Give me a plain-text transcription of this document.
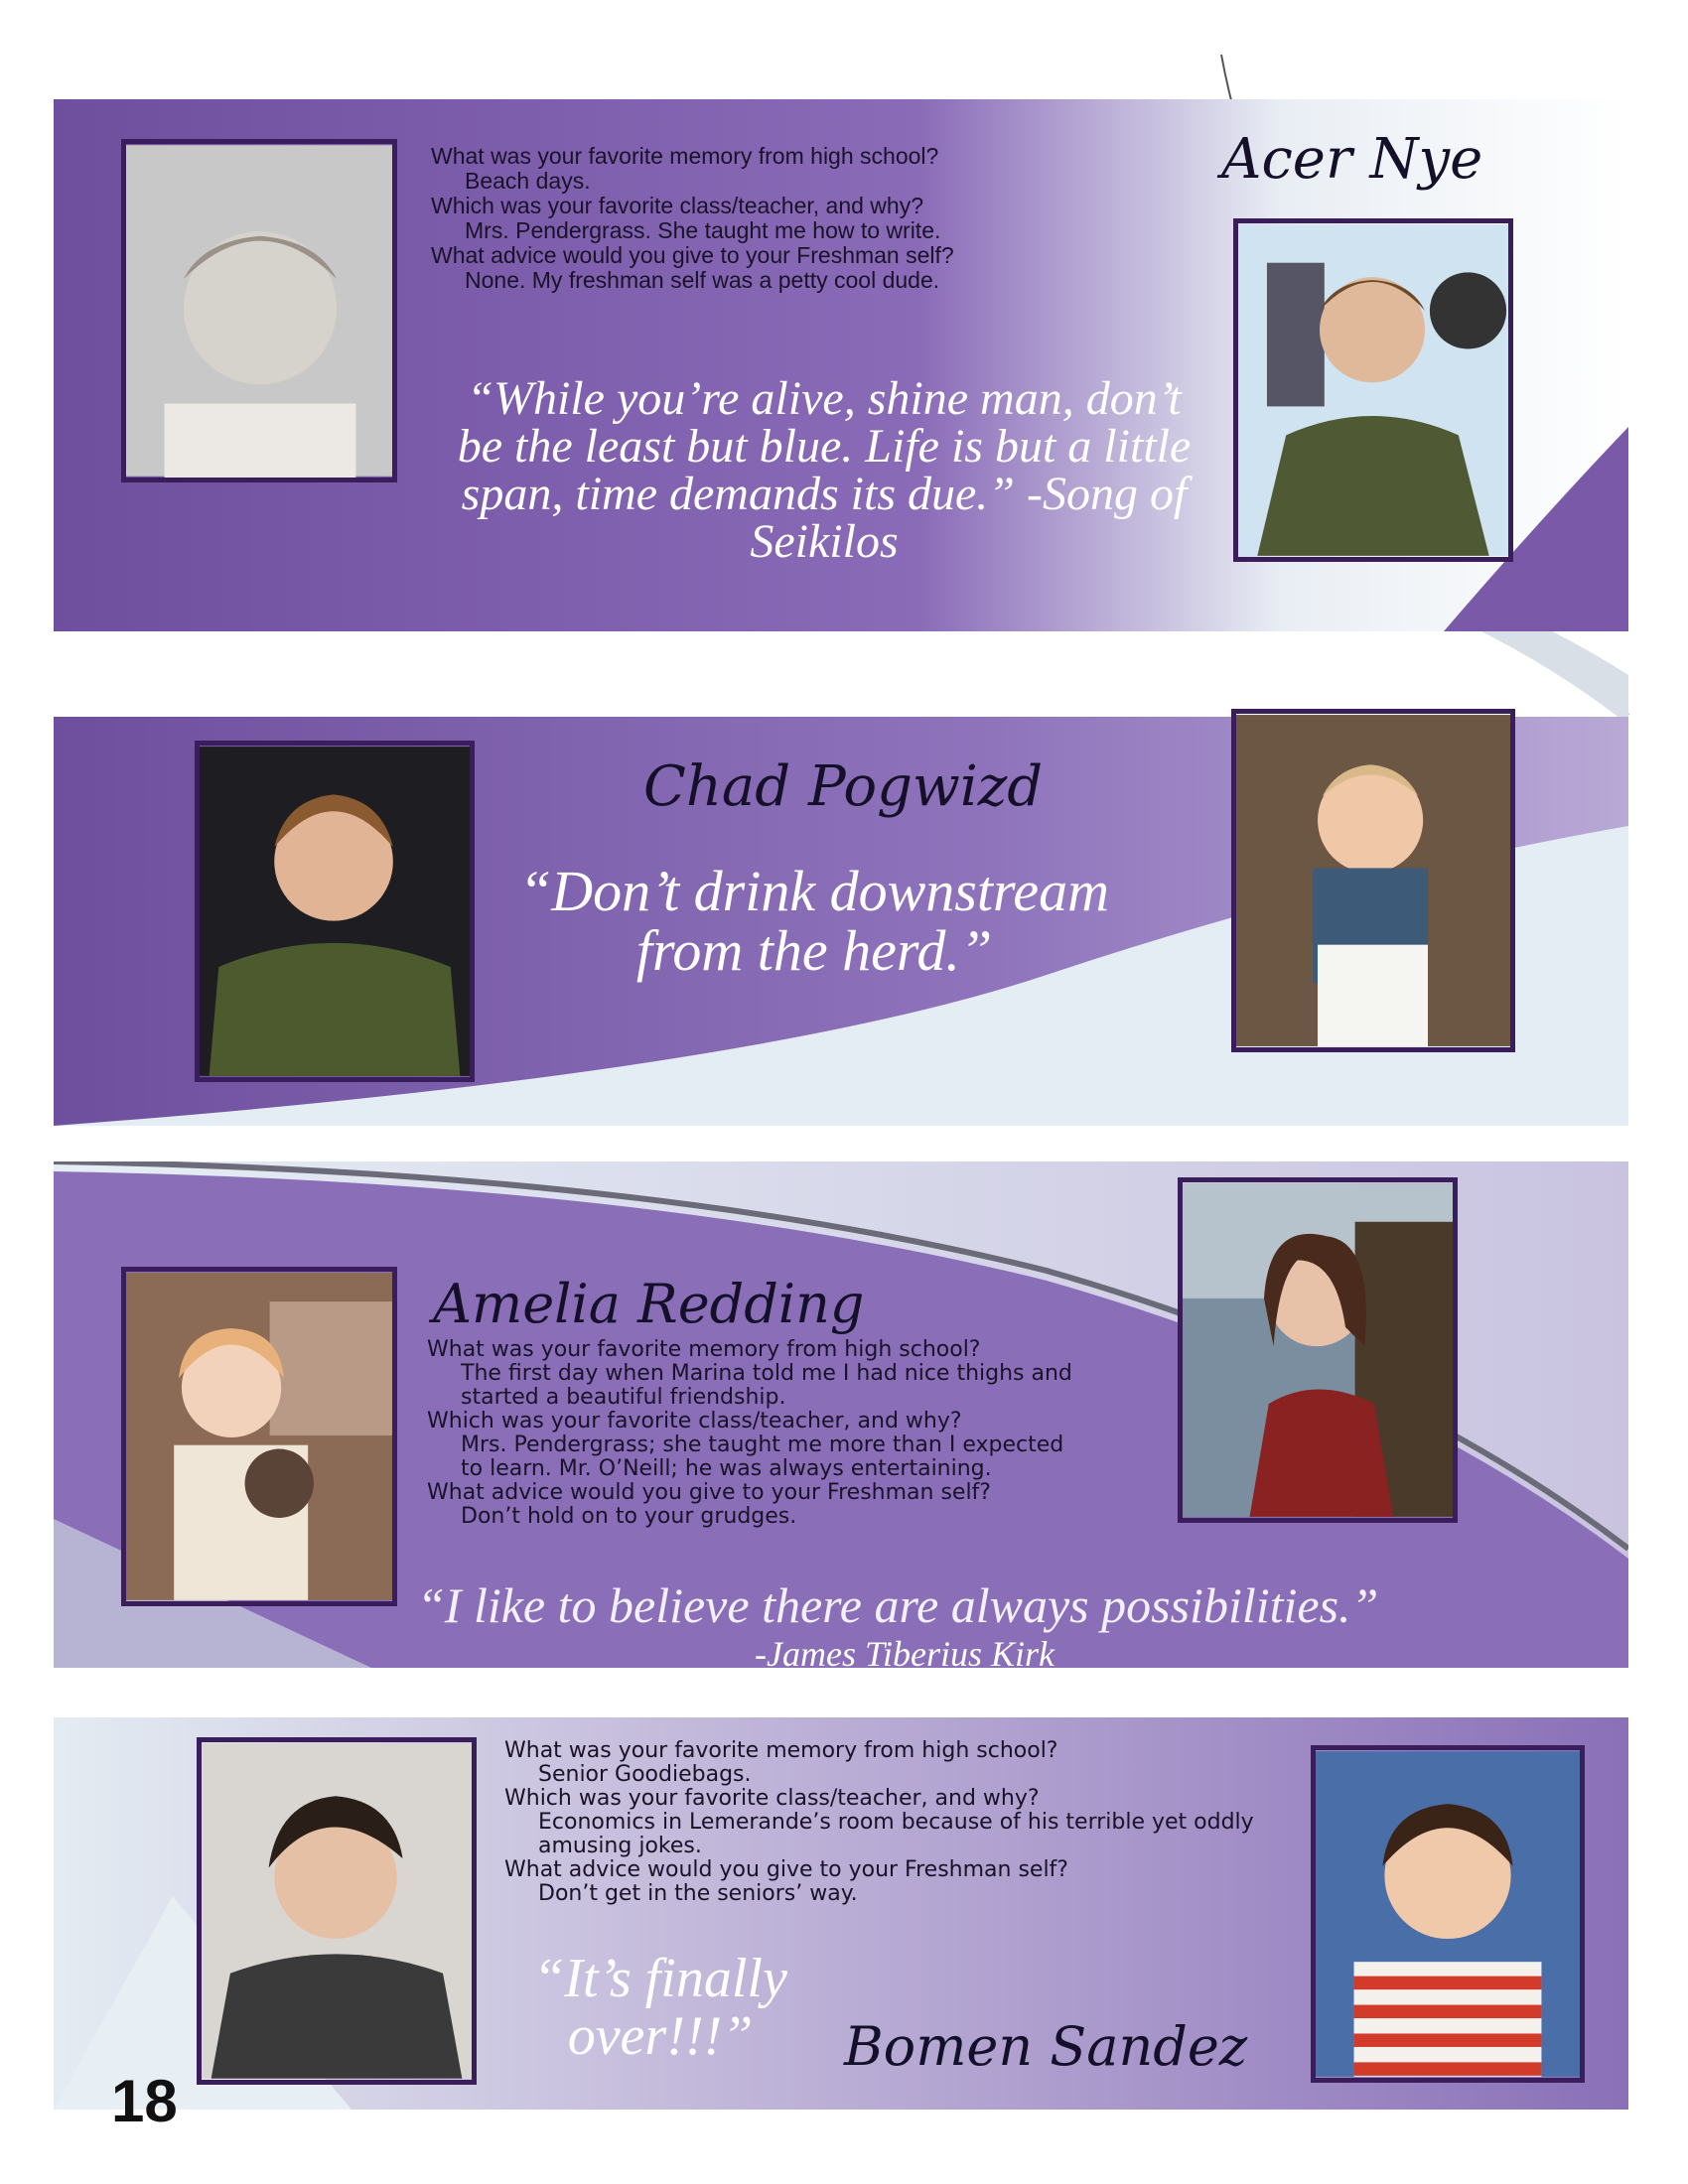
What was your favorite memory from high school?

Beach days.

Which was your favorite class/teacher, and why?

Mrs. Pendergrass. She taught me how to write.

What advice would you give to your Freshman self?

None. My freshman self was a petty cool dude.

Acer Nye
“While you’re alive, shine man, don’t be the least but blue. Life is but a little span, time demands its due.” -Song of Seikilos
Chad Pogwizd
“Don’t drink downstream from the herd.”
Amelia Redding

What was your favorite memory from high school?

The first day when Marina told me I had nice thighs and started a beautiful friendship.

Which was your favorite class/teacher, and why?

Mrs. Pendergrass; she taught me more than I expected to learn. Mr. O’Neill; he was always entertaining.

What advice would you give to your Freshman self?

Don’t hold on to your grudges.

“I like to believe there are always possibilities.”
-James Tiberius Kirk

What was your favorite memory from high school?

Senior Goodiebags.

Which was your favorite class/teacher, and why?

Economics in Lemerande’s room because of his terrible yet oddly amusing jokes.

What advice would you give to your Freshman self?

Don’t get in the seniors’ way.

“It’s finally over!!!”	Bomen Sandez
18
